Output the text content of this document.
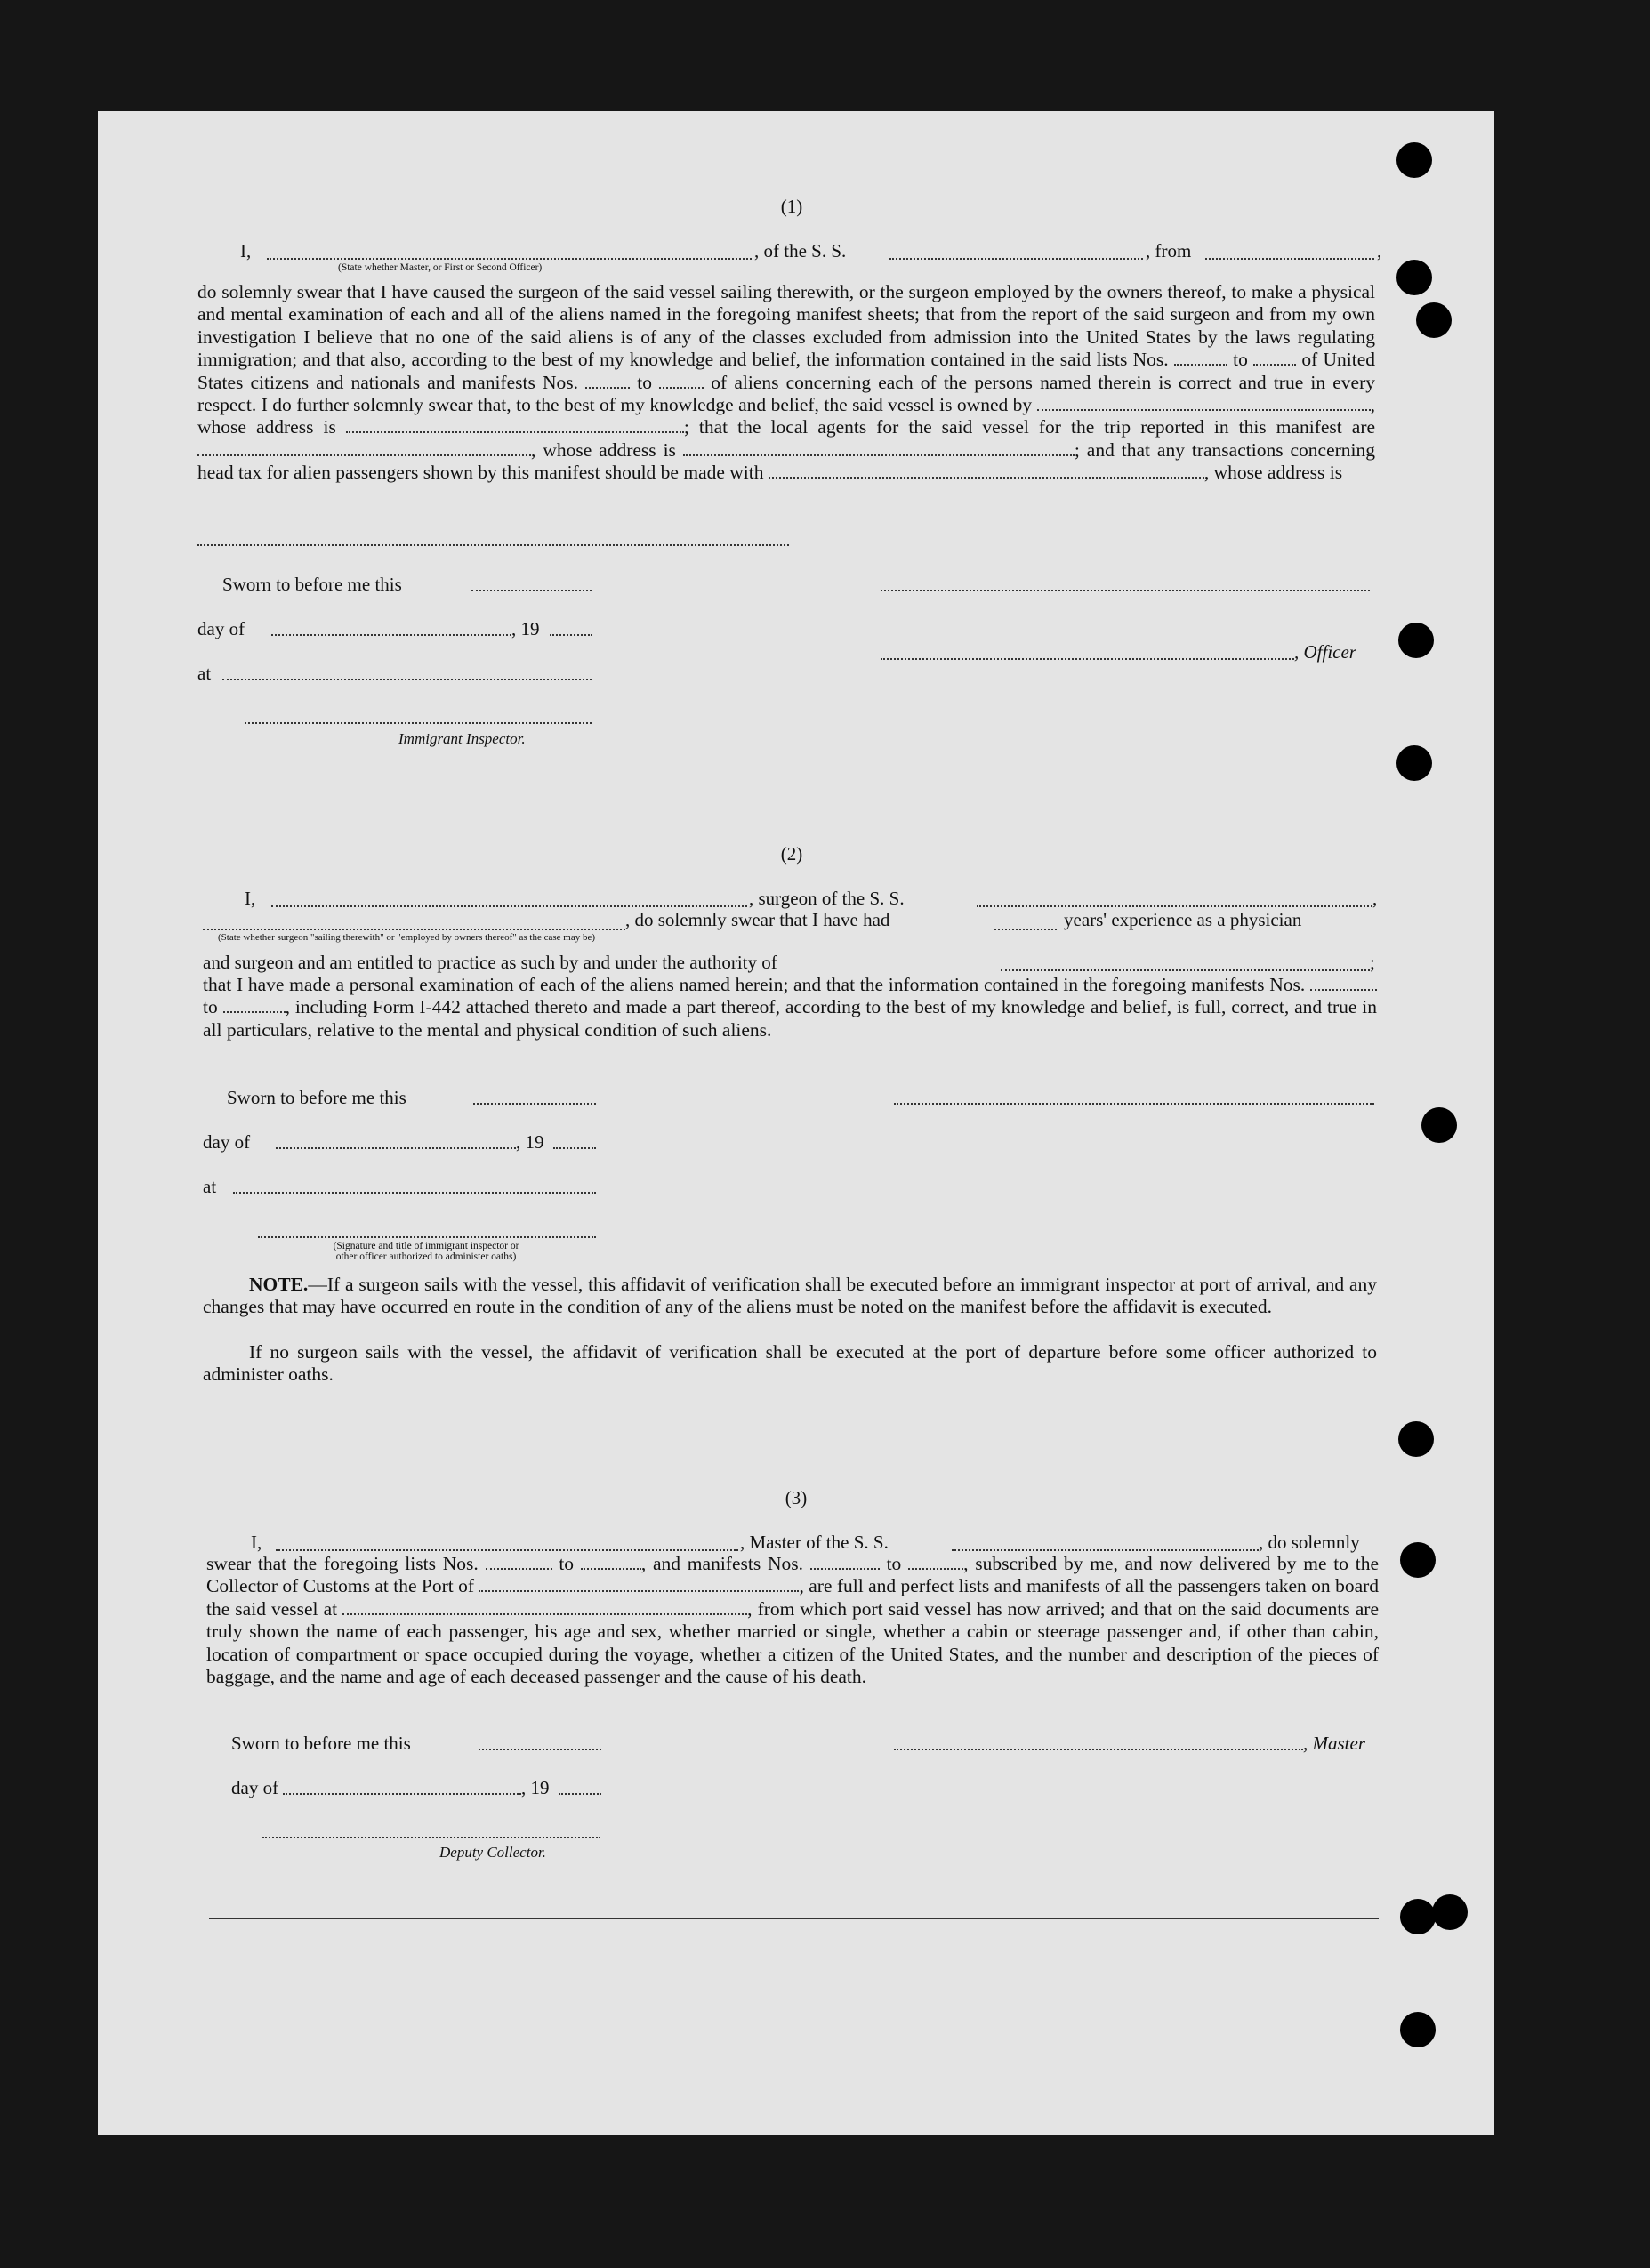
(1)
I,	, of the S. S.	, from	,
(State whether Master, or First or Second Officer)
do solemnly swear that I have caused the surgeon of the said vessel sailing therewith, or the surgeon employed by the owners thereof, to make a physical and mental examination of each and all of the aliens named in the foregoing manifest sheets; that from the report of the said surgeon and from my own investigation I believe that no one of the said aliens is of any of the classes excluded from admission into the United States by the laws regulating immigration; and that also, according to the best of my knowledge and belief, the information contained in the said lists Nos.	to	of United States citizens and nationals and manifests Nos.	to	of aliens concerning each of the persons named therein is correct and true in every respect. I do further solemnly swear that, to the best of my knowledge and belief, the said vessel is owned by	, whose address is	; that the local agents for the said vessel for the trip reported in this manifest are , whose address is	; and that any transactions concerning head tax for alien passengers shown by this manifest should be made with	, whose address is
Sworn to before me this
day of	, 19
, Officer
at
Immigrant Inspector.
(2)
I,	, surgeon of the S. S.	,
, do solemnly swear that I have had	years' experience as a physician
(State whether surgeon "sailing therewith" or "employed by owners thereof" as the case may be)
and surgeon and am entitled to practice as such by and under the authority of	;
that I have made a personal examination of each of the aliens named herein; and that the information contained in the foregoing manifests Nos.  to	, including Form I-442 attached thereto and made a part thereof, according to the best of my knowledge and belief, is full, correct, and true in all particulars, relative to the mental and physical condition of such aliens.
Sworn to before me this
day of	, 19
at
(Signature and title of immigrant inspector or
other officer authorized to administer oaths)
NOTE.—If a surgeon sails with the vessel, this affidavit of verification shall be executed before an immigrant inspector at port of arrival, and any changes that may have occurred en route in the condition of any of the aliens must be noted on the manifest before the affidavit is executed.
If no surgeon sails with the vessel, the affidavit of verification shall be executed at the port of departure before some officer authorized to administer oaths.
(3)
I,	, Master of the S. S.	, do solemnly
swear that the foregoing lists Nos.	to	, and manifests Nos.	to	, subscribed by me, and now delivered by me to the Collector of Customs at the Port of	, are full and perfect lists and manifests of all the passengers taken on board the said vessel at	, from which port said vessel has now arrived; and that on the said documents are truly shown the name of each passenger, his age and sex, whether married or single, whether a cabin or steerage passenger and, if other than cabin, location of compartment or space occupied during the voyage, whether a citizen of the United States, and the number and description of the pieces of baggage, and the name and age of each deceased passenger and the cause of his death.
Sworn to before me this	, Master
day of	, 19
Deputy Collector.
